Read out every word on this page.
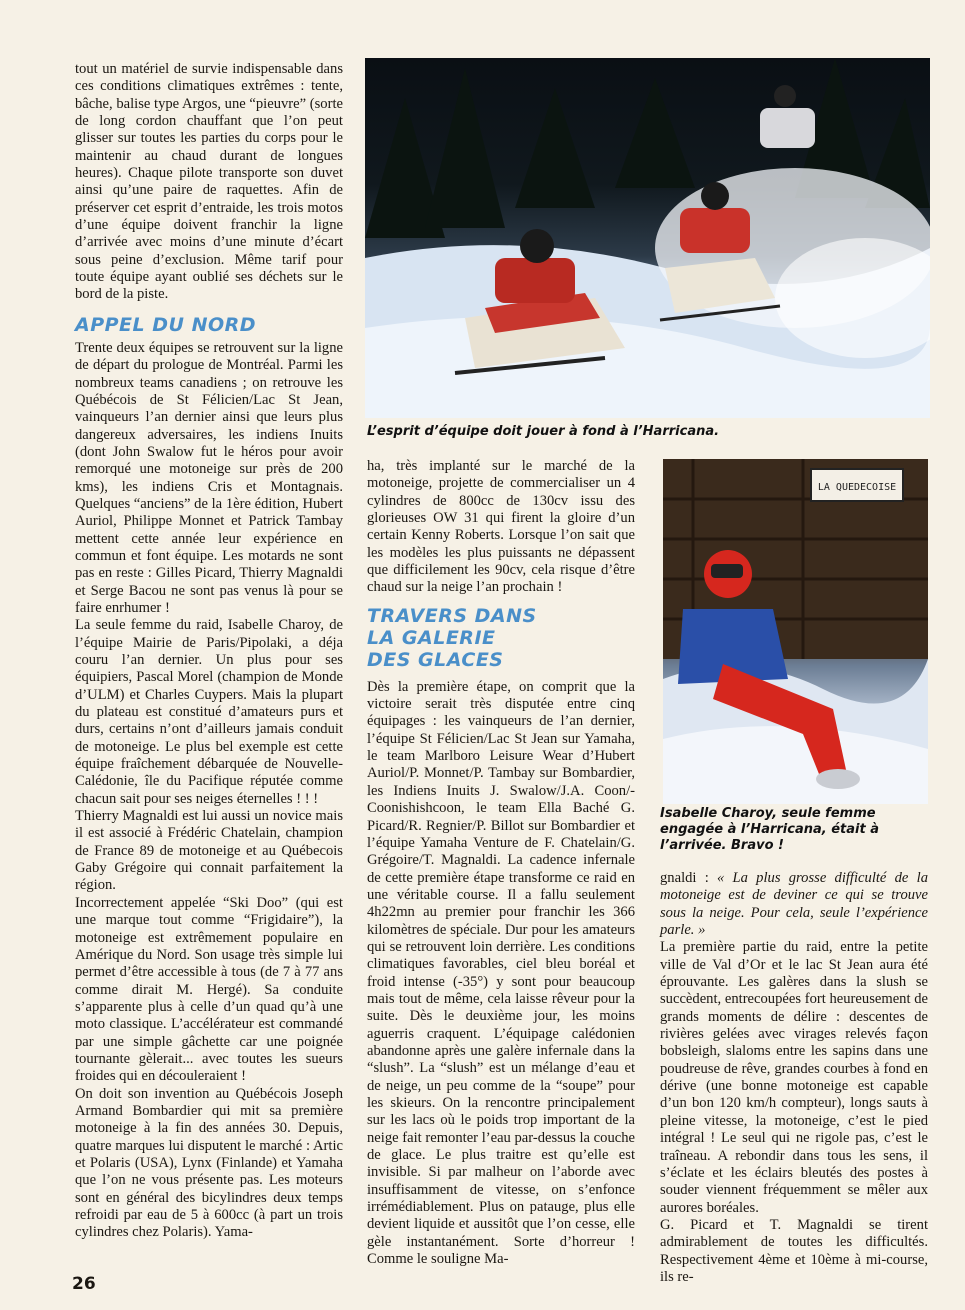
tout un matériel de survie indispensable dans ces conditions climatiques extrêmes : tente, bâche, balise type Argos, une “pieuvre” (sorte de long cordon chauffant que l’on peut glisser sur toutes les parties du corps pour le maintenir au chaud durant de longues heures). Chaque pilote transporte son duvet ainsi qu’une paire de raquettes. Afin de préserver cet esprit d’entraide, les trois motos d’une équipe doivent franchir la ligne d’arrivée avec moins d’une minute d’écart sous peine d’exclusion. Même tarif pour toute équipe ayant oublié ses déchets sur le bord de la piste.

APPEL DU NORD

Trente deux équipes se retrouvent sur la ligne de départ du prologue de Montréal. Parmi les nombreux teams canadiens ; on retrouve les Québécois de St Félicien/Lac St Jean, vainqueurs l’an dernier ainsi que leurs plus dangereux adversaires, les indiens Inuits (dont John Swalow fut le héros pour avoir remorqué une motoneige sur près de 200 kms), les indiens Cris et Montagnais. Quelques “anciens” de la 1ère édition, Hubert Auriol, Philippe Monnet et Patrick Tambay mettent cette année leur expérience en commun et font équipe. Les motards ne sont pas en reste : Gilles Picard, Thierry Magnaldi et Serge Bacou ne sont pas venus là pour se faire enrhumer !

La seule femme du raid, Isabelle Charoy, de l’équipe Mairie de Paris/Pipolaki, a déja couru l’an dernier. Un plus pour ses équipiers, Pascal Morel (champion de Monde d’ULM) et Charles Cuypers. Mais la plupart du plateau est constitué d’amateurs purs et durs, certains n’ont d’ailleurs jamais conduit de motoneige. Le plus bel exemple est cette équipe fraîchement débarquée de Nouvelle-Calédonie, île du Pacifique réputée comme chacun sait pour ses neiges éternelles ! ! !

Thierry Magnaldi est lui aussi un novice mais il est associé à Frédéric Chatelain, champion de France 89 de motoneige et au Québecois Gaby Grégoire qui connait parfaitement la région.

Incorrectement appelée “Ski Doo” (qui est une marque tout comme “Frigidaire”), la motoneige est extrêmement populaire en Amérique du Nord. Son usage très simple lui permet d’être accessible à tous (de 7 à 77 ans comme dirait M. Hergé). Sa conduite s’apparente plus à celle d’un quad qu’à une moto classique. L’accélérateur est commandé par une simple gâchette car une poignée tournante gèlerait... avec toutes les sueurs froides qui en découleraient !

On doit son invention au Québécois Joseph Armand Bombardier qui mit sa première motoneige à la fin des années 30. Depuis, quatre marques lui disputent le marché : Artic et Polaris (USA), Lynx (Finlande) et Yamaha que l’on ne vous présente pas. Les moteurs sont en général des bicylindres deux temps refroidi par eau de 5 à 600cc (à part un trois cylindres chez Polaris). Yama-

L’esprit d’équipe doit jouer à fond à l’Harricana.

ha, très implanté sur le marché de la motoneige, projette de commercialiser un 4 cylindres de 800cc de 130cv issu des glorieuses OW 31 qui firent la gloire d’un certain Kenny Roberts. Lorsque l’on sait que les modèles les plus puissants ne dépassent que difficilement les 90cv, cela risque d’être chaud sur la neige l’an prochain !

TRAVERS DANS
LA GALERIE
DES GLACES

Dès la première étape, on comprit que la victoire serait très disputée entre cinq équipages : les vainqueurs de l’an dernier, l’équipe St Félicien/Lac St Jean sur Yamaha, le team Marlboro Leisure Wear d’Hubert Auriol/P. Monnet/P. Tambay sur Bombardier, les Indiens Inuits J. Swalow/J.A. Coon/-Coonishishcoon, le team Ella Baché G. Picard/R. Regnier/P. Billot sur Bombardier et l’équipe Yamaha Venture de F. Chatelain/G. Grégoire/T. Magnaldi. La cadence infernale de cette première étape transforme ce raid en une véritable course. Il a fallu seulement 4h22mn au premier pour franchir les 366 kilomètres de spéciale. Dur pour les amateurs qui se retrouvent loin derrière. Les conditions climatiques favorables, ciel bleu boréal et froid intense (-35°) y sont pour beaucoup mais tout de même, cela laisse rêveur pour la suite. Dès le deuxième jour, les moins aguerris craquent. L’équipage calédonien abandonne après une galère infernale dans la “slush”. La “slush” est un mélange d’eau et de neige, un peu comme de la “soupe” pour les skieurs. On la rencontre principalement sur les lacs où le poids trop important de la neige fait remonter l’eau par-dessus la couche de glace. Le plus traitre est qu’elle est invisible. Si par malheur on l’aborde avec insuffisamment de vitesse, on s’enfonce irrémédiablement. Plus on patauge, plus elle devient liquide et aussitôt que l’on cesse, elle gèle instantanément. Sorte d’horreur ! Comme le souligne Ma-

LA QUEDECOISE
Isabelle Charoy, seule femme engagée à l’Harricana, était à l’arrivée. Bravo !

gnaldi : « La plus grosse difficulté de la motoneige est de deviner ce qui se trouve sous la neige. Pour cela, seule l’expérience parle. »

La première partie du raid, entre la petite ville de Val d’Or et le lac St Jean aura été éprouvante. Les galères dans la slush se succèdent, entrecoupées fort heureusement de grands moments de délire : descentes de rivières gelées avec virages relevés façon bobsleigh, slaloms entre les sapins dans une poudreuse de rêve, grandes courbes à fond en dérive (une bonne motoneige est capable d’un bon 120 km/h compteur), longs sauts à pleine vitesse, la motoneige, c’est le pied intégral ! Le seul qui ne rigole pas, c’est le traîneau. A rebondir dans tous les sens, il s’éclate et les éclairs bleutés des postes à souder viennent fréquemment se mêler aux aurores boréales.

G. Picard et T. Magnaldi se tirent admirablement de toutes les difficultés. Respectivement 4ème et 10ème à mi-course, ils re-

26
